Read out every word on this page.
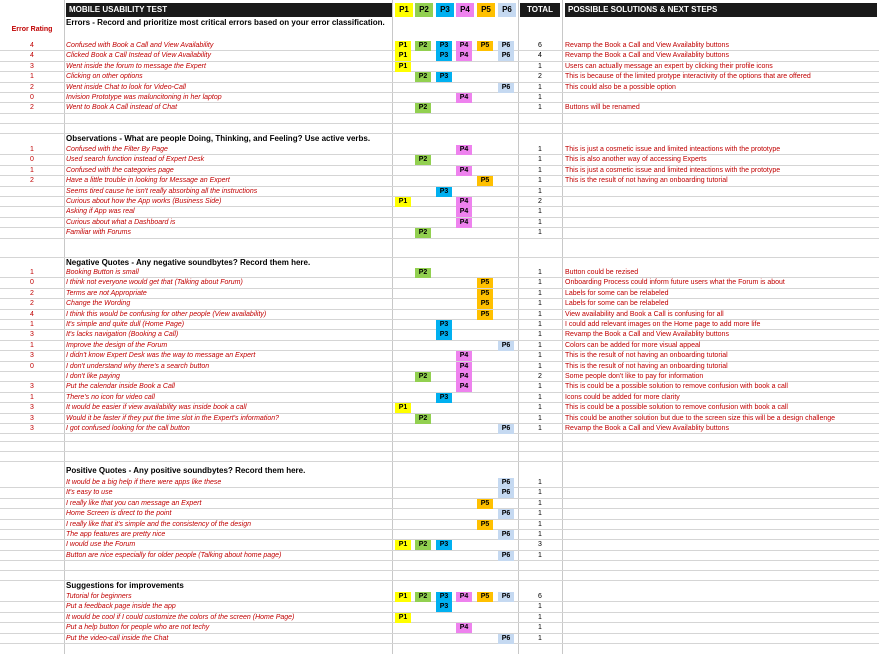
MOBILE USABILITY TEST	TOTAL	POSSIBLE SOLUTIONS & NEXT STEPS
P1	P2	P3	P4	P5	P6
Error Rating
Errors - Record and prioritize most critical errors based on your error classification.
4	Confused with Book a Call and View Availability	P1	P2	P3	P4	P5	P6	6	Revamp the Book a Call and View Availablity buttons
4	Clicked Book a Call Instead of View Availability	P1	P3	P4	P6	4	Revamp the Book a Call and View Availablity buttons
3	Went inside the forum to message the Expert	P1	1	Users can actually message an expert by clicking their profile icons
1	Clicking on other options	P2	P3	2	This is because of the limited protype interactivity of the options that are offered
2	Went inside Chat to look for Video-Call	P6	1	This could also be a possible option
0	Invision Prototype was maluncitoning in her laptop	P4	1
2	Went to Book A Call instead of Chat	P2	1	Buttons will be renamed
Observations - What are people Doing, Thinking, and Feeling? Use active verbs.
1	Confused with the Filter By Page	P4	1	This is just a cosmetic issue and limited inteactions with the prototype
0	Used search function instead of Expert Desk	P2	1	This is also another way of accessing Experts
1	Confused with the categories page	P4	1	This is just a cosmetic issue and limited inteactions with the prototype
2	Have a little trouble in looking for Message an Expert	P5	1	This is the result of not having an onboarding tutorial
Seems tired cause he isn't really absorbing all the instructions	P3	1
Curious about how the App works (Business Side)	P1	P4	2
Asking if App was real	P4	1
Curious about what a Dashboard is	P4	1
Familiar with Forums	P2	1
Negative Quotes - Any negative soundbytes? Record them here.
1	Booking Button is small	P2	1	Button could be rezised
0	I think not everyone would get that (Talking about Forum)	P5	1	Onboarding Process could inform future users what the Forum is about
2	Terms are not Appropriate	P5	1	Labels for some can be relabeled
2	Change the Wording	P5	1	Labels for some can be relabeled
4	I think this would be confusing for other people (View availability)	P5	1	View availability and Book a Call is confusing for all
1	It's simple and quite dull (Home Page)	P3	1	I could add relevant images on the Home page to add more life
3	It's lacks navigation (Booking a Call)	P3	1	Revamp the Book a Call and View Availablity buttons
1	Improve the design of the Forum	P6	1	Colors can be added for more visual appeal
3	I didn't know Expert Desk was the way to message an Expert	P4	1	This is the result of not having an onboarding tutorial
0	I don't understand why there's a search button	P4	1	This is the result of not having an onboarding tutorial
I don't like paying	P2	P4	2	Some people don't like to pay for information
3	Put the calendar inside Book a Call	P4	1	This is could be a possible solution to remove confusion with book a call
1	There's no icon for video call	P3	1	Icons could be added for more clarity
3	It would be easier if view availability was inside book a call	P1	1	This is could be a possible solution to remove confusion with book a call
3	Would it be faster if they put the time slot in the Expert's information?	P2	1	This could be another solution but due to the screen size this will be a design challenge
3	I got confused looking for the call button	P6	1	Revamp the Book a Call and View Availablity buttons
Positive Quotes - Any positive soundbytes? Record them here.
It would be a big help if there were apps like these	P6	1
It's easy to use	P6	1
I really like that you can message an Expert	P5	1
Home Screen is direct to the point	P6	1
I really like that it's simple and the consistency of the design	P5	1
The app features are pretty nice	P6	1
I would use the Forum	P1	P2	P3	3
Button are nice especially for older people (Talking about home page)	P6	1
Suggestions for improvements
Tutorial for beginners	P1	P2	P3	P4	P5	P6	6
Put a feedback page inside the app	P3	1
It would be cool if I could customize the colors of the screen (Home Page)	P1	1
Put a help button for people who are not techy	P4	1
Put the video-call inside the Chat	P6	1
